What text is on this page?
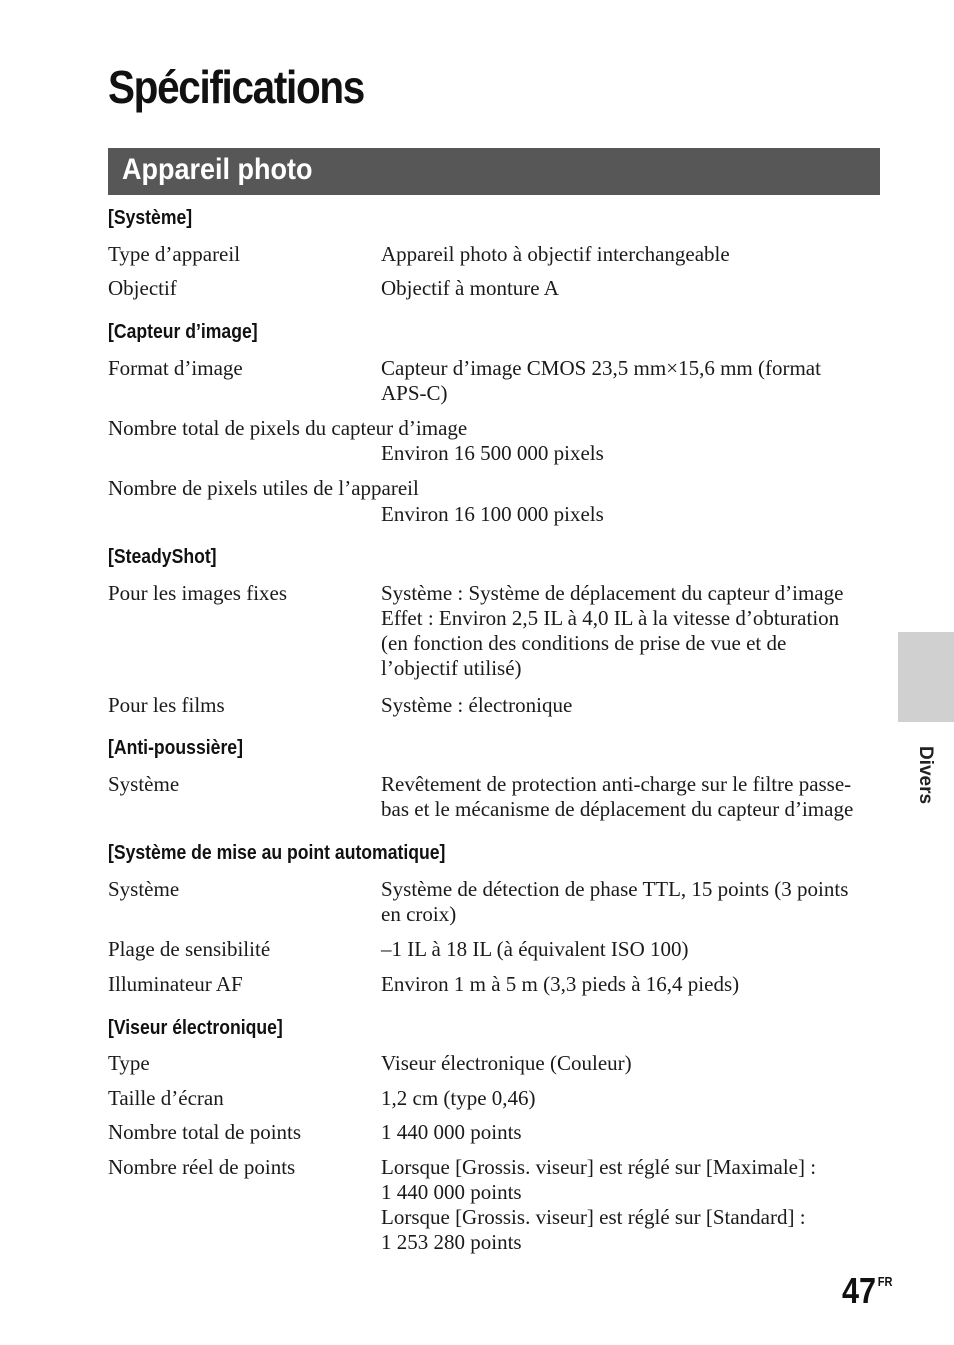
Spécifications
Appareil photo
[Système]
Type d’appareil	Appareil photo à objectif interchangeable
Objectif	Objectif à monture A
[Capteur d’image]
Format d’image	Capteur d’image CMOS 23,5 mm×15,6 mm (format
APS-C)
Nombre total de pixels du capteur d’image
Environ 16 500 000 pixels
Nombre de pixels utiles de l’appareil
Environ 16 100 000 pixels
[SteadyShot]
Pour les images fixes	Système : Système de déplacement du capteur d’image
Effet : Environ 2,5 IL à 4,0 IL à la vitesse d’obturation
(en fonction des conditions de prise de vue et de
l’objectif utilisé)
Pour les films	Système : électronique
[Anti-poussière]
Système	Revêtement de protection anti-charge sur le filtre passe-
bas et le mécanisme de déplacement du capteur d’image
[Système de mise au point automatique]
Système	Système de détection de phase TTL, 15 points (3 points
en croix)
Plage de sensibilité	–1 IL à 18 IL (à équivalent ISO 100)
Illuminateur AF	Environ 1 m à 5 m (3,3 pieds à 16,4 pieds)
[Viseur électronique]
Type	Viseur électronique (Couleur)
Taille d’écran	1,2 cm (type 0,46)
Nombre total de points	1 440 000 points
Nombre réel de points	Lorsque [Grossis. viseur] est réglé sur [Maximale] :
1 440 000 points
Lorsque [Grossis. viseur] est réglé sur [Standard] :
1 253 280 points
Divers
47 $^{FR}$
